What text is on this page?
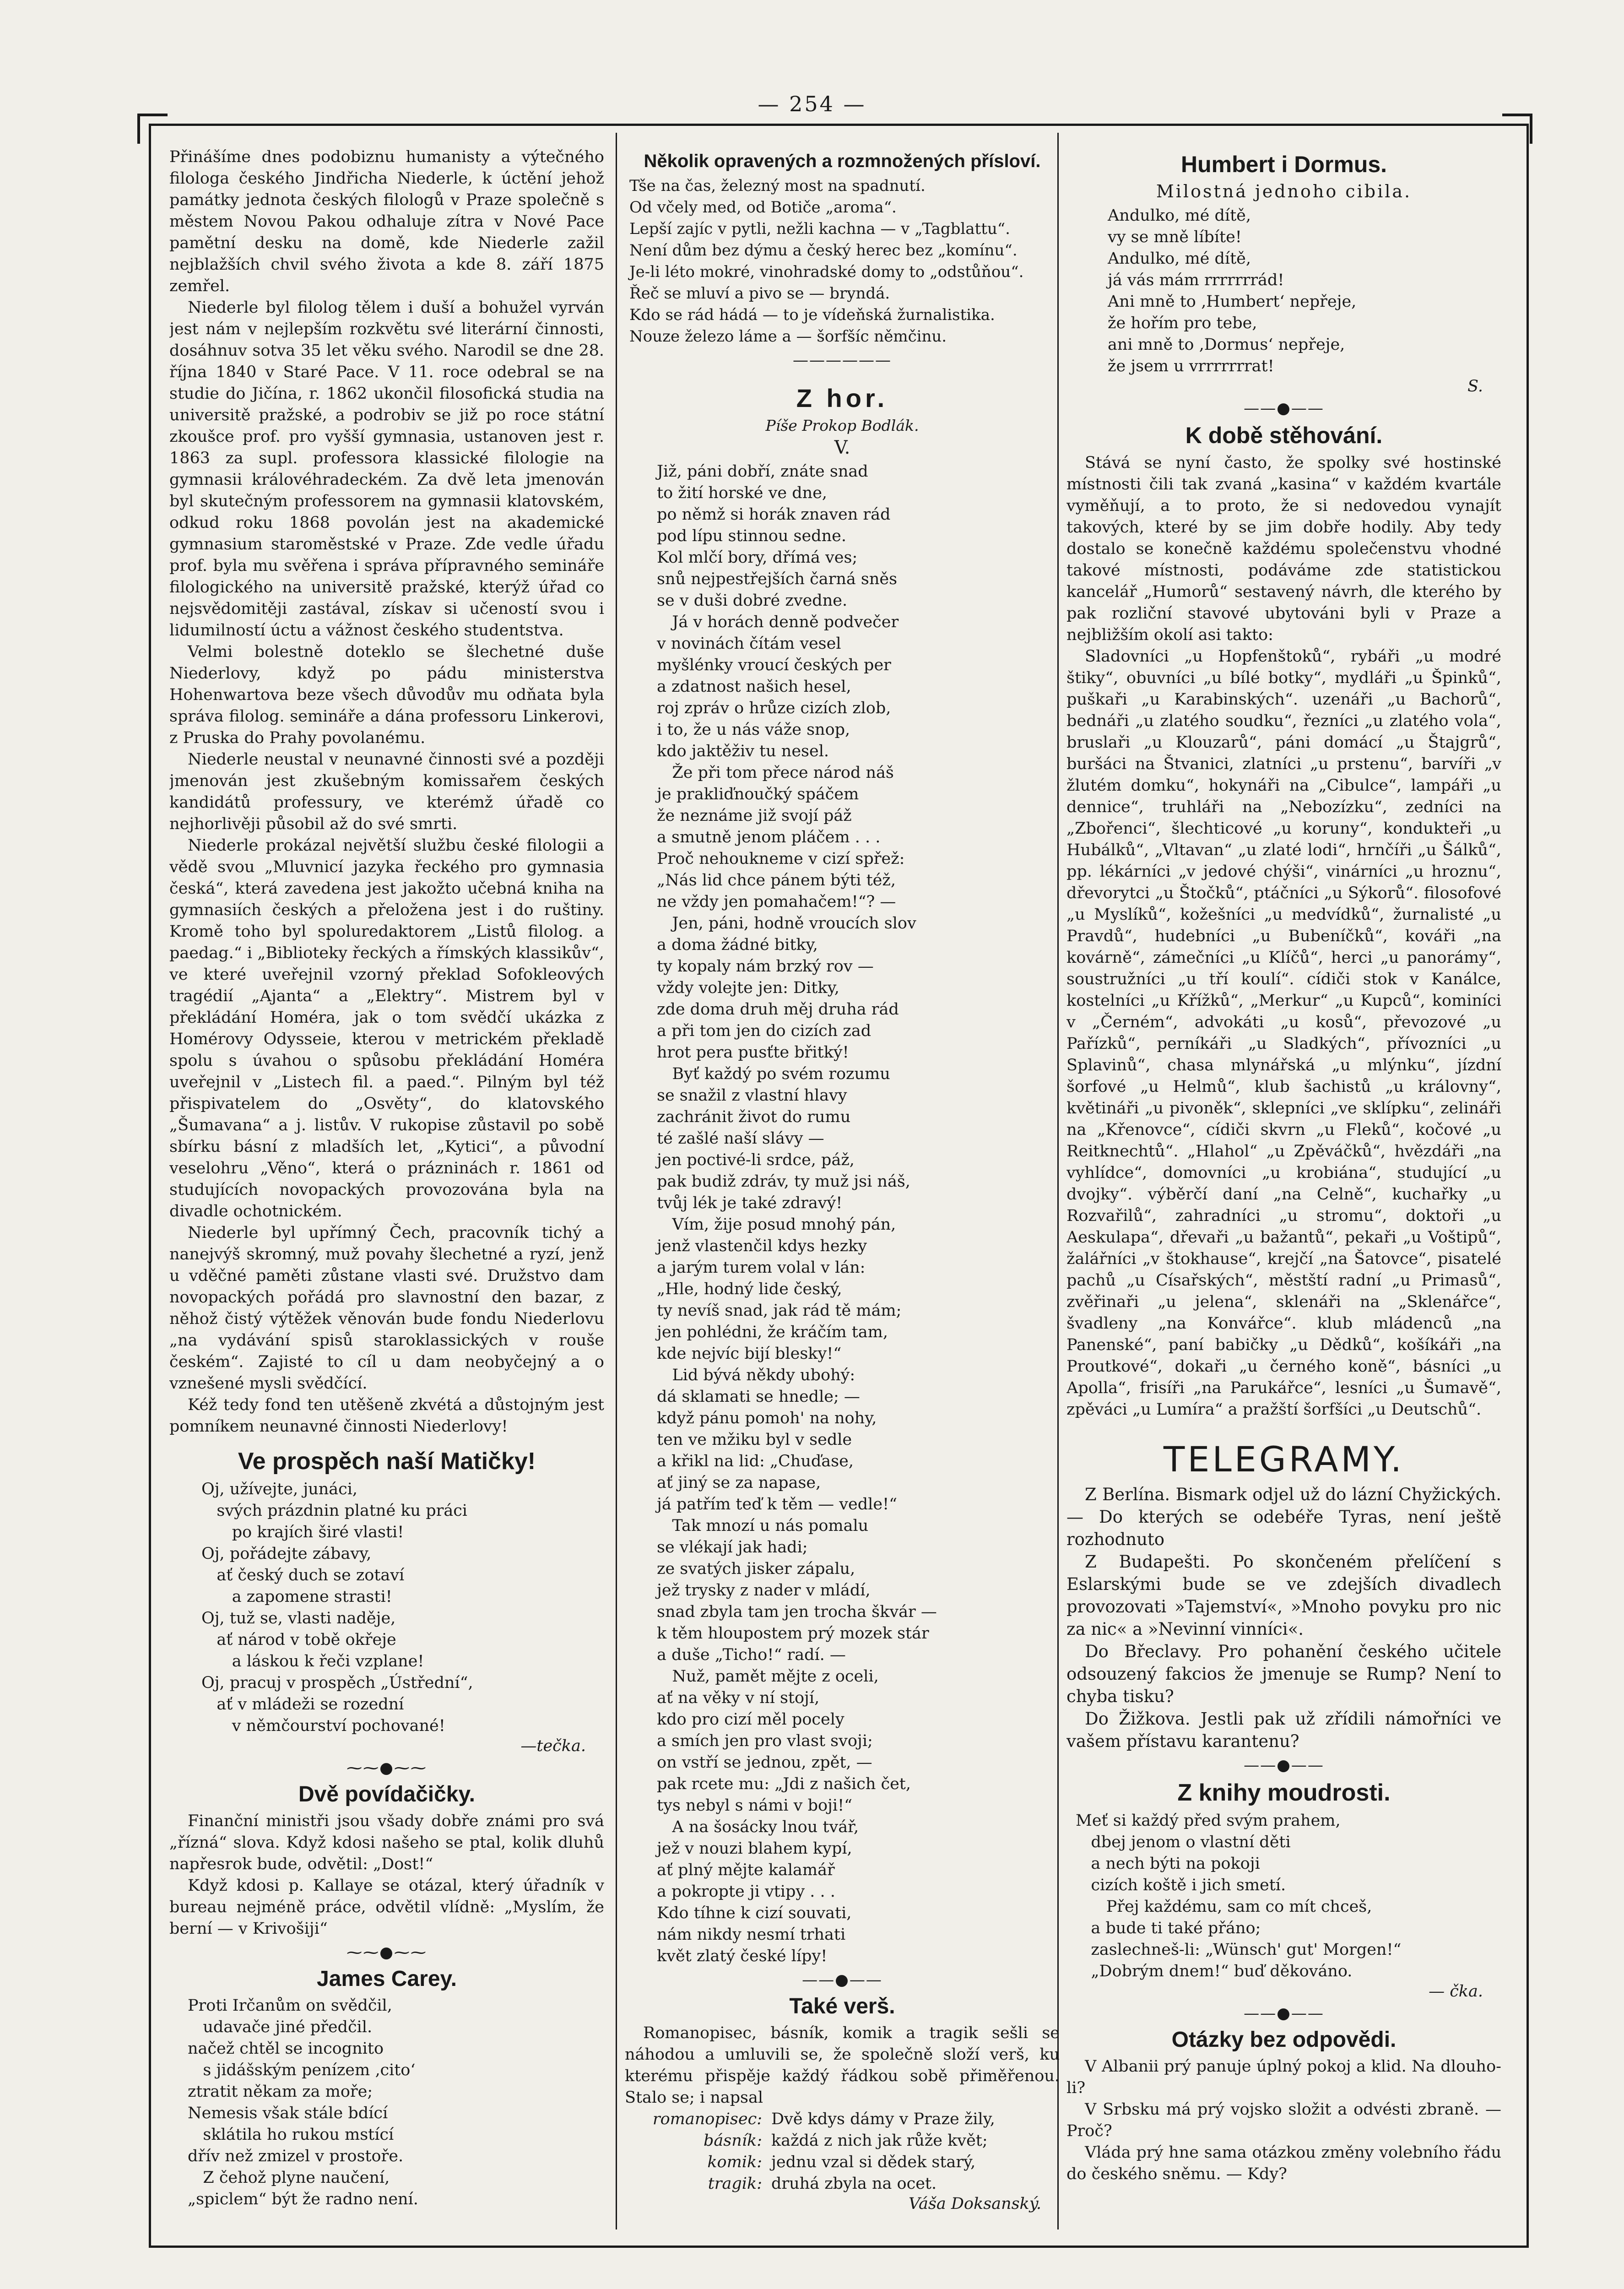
— 254 —

Přinášíme dnes podobiznu humanisty a výtečného filologa českého Jindřicha Niederle, k úctění jehož památky jednota českých filologů v Praze společně s městem Novou Pakou odhaluje zítra v Nové Pace pamětní desku na domě, kde Niederle zažil nejblažších chvil svého života a kde 8. září 1875 zemřel.

Niederle byl filolog tělem i duší a bohužel vyrván jest nám v nejlepším rozkvětu své literární činnosti, dosáhnuv sotva 35 let věku svého. Narodil se dne 28. října 1840 v Staré Pace. V 11. roce odebral se na studie do Jičína, r. 1862 ukončil filosofická studia na universitě pražské, a podrobiv se již po roce státní zkoušce prof. pro vyšší gymnasia, ustanoven jest r. 1863 za supl. professora klassické filologie na gymnasii královéhradeckém. Za dvě leta jmenován byl skutečným professorem na gymnasii klatovském, odkud roku 1868 povolán jest na akademické gymnasium staroměstské v Praze. Zde vedle úřadu prof. byla mu svěřena i správa přípravného semináře filologického na universitě pražské, kterýž úřad co nejsvědomitěji zastával, získav si učeností svou i lidumilností úctu a vážnost českého studentstva.

Velmi bolestně doteklo se šlechetné duše Niederlovy, když po pádu ministerstva Hohenwartova beze všech důvodův mu odňata byla správa filolog. semináře a dána professoru Linkerovi, z Pruska do Prahy povolanému.

Niederle neustal v neunavné činnosti své a později jmenován jest zkušebným komissařem českých kandidátů professury, ve kterémž úřadě co nejhorlivěji působil až do své smrti.

Niederle prokázal největší službu české filologii a vědě svou „Mluvnicí jazyka řeckého pro gymnasia česká“, která zavedena jest jakožto učebná kniha na gymnasiích českých a přeložena jest i do ruštiny. Kromě toho byl spoluredaktorem „Listů filolog. a paedag.“ i „Biblioteky řeckých a římských klassikův“, ve které uveřejnil vzorný překlad Sofokleových tragédií „Ajanta“ a „Elektry“. Mistrem byl v překládání Homéra, jak o tom svědčí ukázka z Homérovy Odysseie, kterou v metrickém překladě spolu s úvahou o spůsobu překládání Homéra uveřejnil v „Listech fil. a paed.“. Pilným byl též přispivatelem do „Osvěty“, do klatovského „Šumavana“ a j. listův. V rukopise zůstavil po sobě sbírku básní z mladších let, „Kytici“, a původní veselohru „Věno“, která o prázninách r. 1861 od studujících novopackých provozována byla na divadle ochotnickém.

Niederle byl upřímný Čech, pracovník tichý a nanejvýš skromný, muž povahy šlechetné a ryzí, jenž u vděčné paměti zůstane vlasti své. Družstvo dam novopackých pořádá pro slavnostní den bazar, z něhož čistý výtěžek věnován bude fondu Niederlovu „na vydávání spisů staroklassických v rouše českém“. Zajisté to cíl u dam neobyčejný a o vznešené mysli svědčící.

Kéž tedy fond ten utěšeně zkvétá a důstojným jest pomníkem neunavné činnosti Niederlovy!

Ve prospěch naší Matičky!
Oj, užívejte, junáci,
svých prázdnin platné ku práci
po krajích širé vlasti!
Oj, pořádejte zábavy,
ať český duch se zotaví
a zapomene strasti!
Oj, tuž se, vlasti naděje,
ať národ v tobě okřeje
a láskou k řeči vzplane!
Oj, pracuj v prospěch „Ústřední“,
ať v mládeži se rozední
v němčourství pochované!

—tečka.

⁓⁓●⁓⁓
Dvě povídačičky.

Finanční ministři jsou všady dobře známi pro svá „řízná“ slova. Když kdosi našeho se ptal, kolik dluhů napřesrok bude, odvětil: „Dost!“

Když kdosi p. Kallaye se otázal, který úřadník v bureau nejméně práce, odvětil vlídně: „Myslím, že berní — v Krivošiji“

⁓⁓●⁓⁓
James Carey.
Proti Irčanům on svědčil,
udavače jiné předčil.
načež chtěl se incognito
s jidášským penízem ‚cito‘
ztratit někam za moře;
Nemesis však stále bdící
sklátila ho rukou mstící
dřív než zmizel v prostoře.
Z čehož plyne naučení,
„spiclem“ být že radno není.
Několik opravených a rozmnožených přísloví.
Tše na čas, železný most na spadnutí.
Od včely med, od Botiče „aroma“.
Lepší zajíc v pytli, nežli kachna — v „Tagblattu“.
Není dům bez dýmu a český herec bez „komínu“.
Je-li léto mokré, vinohradské domy to „odstůňou“.
Řeč se mluví a pivo se — bryndá.
Kdo se rád hádá — to je vídeňská žurnalistika.
Nouze železo láme a — šorfšíc němčinu.
——————
Z hor.

Píše Prokop Bodlák.

V.
Již, páni dobří, znáte snad
to žití horské ve dne,
po němž si horák znaven rád
pod lípu stinnou sedne.
Kol mlčí bory, dřímá ves;
snů nejpestřejších čarná sněs
se v duši dobré zvedne.
Já v horách denně podvečer
v novinách čítám vesel
myšlénky vroucí českých per
a zdatnost našich hesel,
roj zpráv o hrůze cizích zlob,
i to, že u nás váže snop,
kdo jaktěživ tu nesel.
Že při tom přece národ náš
je prakliďnoučký spáčem
že neznáme již svojí páž
a smutně jenom pláčem . . .
Proč nehoukneme v cizí spřež:
„Nás lid chce pánem býti též,
ne vždy jen pomahačem!“? —
Jen, páni, hodně vroucích slov
a doma žádné bitky,
ty kopaly nám brzký rov —
vždy volejte jen: Ditky,
zde doma druh měj druha rád
a při tom jen do cizích zad
hrot pera pusťte břitký!
Byť každý po svém rozumu
se snažil z vlastní hlavy
zachránit život do rumu
té zašlé naší slávy —
jen poctivé-li srdce, páž,
pak budiž zdráv, ty muž jsi náš,
tvůj lék je také zdravý!
Vím, žije posud mnohý pán,
jenž vlastenčil kdys hezky
a jarým turem volal v lán:
„Hle, hodný lide český,
ty nevíš snad, jak rád tě mám;
jen pohlédni, že kráčím tam,
kde nejvíc bijí blesky!“
Lid bývá někdy ubohý:
dá sklamati se hnedle; —
když pánu pomoh' na nohy,
ten ve mžiku byl v sedle
a křikl na lid: „Chuďase,
ať jiný se za napase,
já patřím teď k těm — vedle!“
Tak mnozí u nás pomalu
se vlékají jak hadi;
ze svatých jisker zápalu,
jež trysky z nader v mládí,
snad zbyla tam jen trocha škvár —
k těm hloupostem prý mozek stár
a duše „Ticho!“ radí. —
Nuž, pamět mějte z oceli,
ať na věky v ní stojí,
kdo pro cizí měl pocely
a smích jen pro vlast svoji;
on vstří se jednou, zpět, —
pak rcete mu: „Jdi z našich čet,
tys nebyl s námi v boji!“
A na šosácky lnou tvář,
jež v nouzi blahem kypí,
ať plný mějte kalamář
a pokropte ji vtipy . . .
Kdo tíhne k cizí souvati,
nám nikdy nesmí trhati
květ zlatý české lípy!
——●——
Také verš.

Romanopisec, básník, komik a tragik sešli se náhodou a umluvili se, že společně složí verš, ku kterému přispěje každý řádkou sobě přiměřenou. Stalo se; i napsal

romanopisec: Dvě kdys dámy v Praze žily,
básník: každá z nich jak růže květ;
komik: jednu vzal si dědek starý,
tragik: druhá zbyla na ocet.

Váša Doksanský.

Humbert i Dormus.
Milostná jednoho cibila.
Andulko, mé dítě,
vy se mně líbíte!
Andulko, mé dítě,
já vás mám rrrrrrrád!
Ani mně to ‚Humbert‘ nepřeje,
že hořím pro tebe,
ani mně to ‚Dormus‘ nepřeje,
že jsem u vrrrrrrrat!

S.

——●——
K době stěhování.

Stává se nyní často, že spolky své hostinské místnosti čili tak zvaná „kasina“ v každém kvartále vyměňují, a to proto, že si nedovedou vynajít takových, které by se jim dobře hodily. Aby tedy dostalo se konečně každému společenstvu vhodné takové místnosti, podáváme zde statistickou kancelář „Humorů“ sestavený návrh, dle kterého by pak rozliční stavové ubytováni byli v Praze a nejbližším okolí asi takto:

Sladovníci „u Hopfenštoků“, rybáři „u modré štiky“, obuvníci „u bílé botky“, mydláři „u Špinků“, puškaři „u Karabinských“. uzenáři „u Bachorů“, bednáři „u zlatého soudku“, řezníci „u zlatého vola“, bruslaři „u Klouzarů“, páni domácí „u Štajgrů“, buršáci na Štvanici, zlatníci „u prstenu“, barvíři „v žlutém domku“, hokynáři na „Cibulce“, lampáři „u dennice“, truhláři na „Nebozízku“, zedníci na „Zbořenci“, šlechticové „u koruny“, kondukteři „u Hubálků“, „Vltavan“ „u zlaté lodi“, hrnčíři „u Šálků“, pp. lékárníci „v jedové chýši“, vinárníci „u hroznu“, dřevorytci „u Štočků“, ptáčníci „u Sýkorů“. filosofové „u Myslíků“, kožešníci „u medvídků“, žurnalisté „u Pravdů“, hudebníci „u Bubeníčků“, kováři „na kovárně“, zámečníci „u Klíčů“, herci „u panorámy“, soustružníci „u tří koulí“. cídiči stok v Kanálce, kostelníci „u Křížků“, „Merkur“ „u Kupců“, kominíci v „Černém“, advokáti „u kosů“, převozové „u Pařízků“, perníkáři „u Sladkých“, přívozníci „u Splavinů“, chasa mlynářská „u mlýnku“, jízdní šorfové „u Helmů“, klub šachistů „u královny“, květináři „u pivoněk“, sklepníci „ve sklípku“, zelináři na „Křenovce“, cídiči skvrn „u Fleků“, kočové „u Reitknechtů“. „Hlahol“ „u Zpěváčků“, hvězdáři „na vyhlídce“, domovníci „u krobiána“, studující „u dvojky“. výběrčí daní „na Celně“, kuchařky „u Rozvařilů“, zahradníci „u stromu“, doktoři „u Aeskulapa“, dřevaři „u bažantů“, pekaři „u Voštipů“, žalářníci „v štokhause“, krejčí „na Šatovce“, pisatelé pachů „u Císařských“, městští radní „u Primasů“, zvěřinaři „u jelena“, sklenáři na „Sklenářce“, švadleny „na Konvářce“. klub mládenců „na Panenské“, paní babičky „u Dědků“, košíkáři „na Proutkové“, dokaři „u černého koně“, básníci „u Apolla“, frisíři „na Parukářce“, lesníci „u Šumavě“, zpěváci „u Lumíra“ a pražští šorfšíci „u Deutschů“.

TELEGRAMY.

Z Berlína. Bismark odjel už do lázní Chyžických. — Do kterých se odebéře Tyras, není ještě rozhodnuto

Z Budapešti. Po skončeném přelíčení s Eslarskými bude se ve zdejších divadlech provozovati »Tajemství«, »Mnoho povyku pro nic za nic« a »Nevinní vinníci«.

Do Břeclavy. Pro pohanění českého učitele odsouzený fakcios že jmenuje se Rump? Není to chyba tisku?

Do Žižkova. Jestli pak už zřídili námořníci ve vašem přístavu karantenu?

——●——
Z knihy moudrosti.
Meť si každý před svým prahem,
dbej jenom o vlastní děti
a nech býti na pokoji
cizích koště i jich smetí.
Přej každému, sam co mít chceš,
a bude ti také přáno;
zaslechneš-li: „Wünsch' gut' Morgen!“
„Dobrým dnem!“ buď děkováno.

— čka.

——●——
Otázky bez odpovědi.

V Albanii prý panuje úplný pokoj a klid. Na dlouho-li?

V Srbsku má prý vojsko složit a odvésti zbraně. — Proč?

Vláda prý hne sama otázkou změny volebního řádu do českého sněmu. — Kdy?
